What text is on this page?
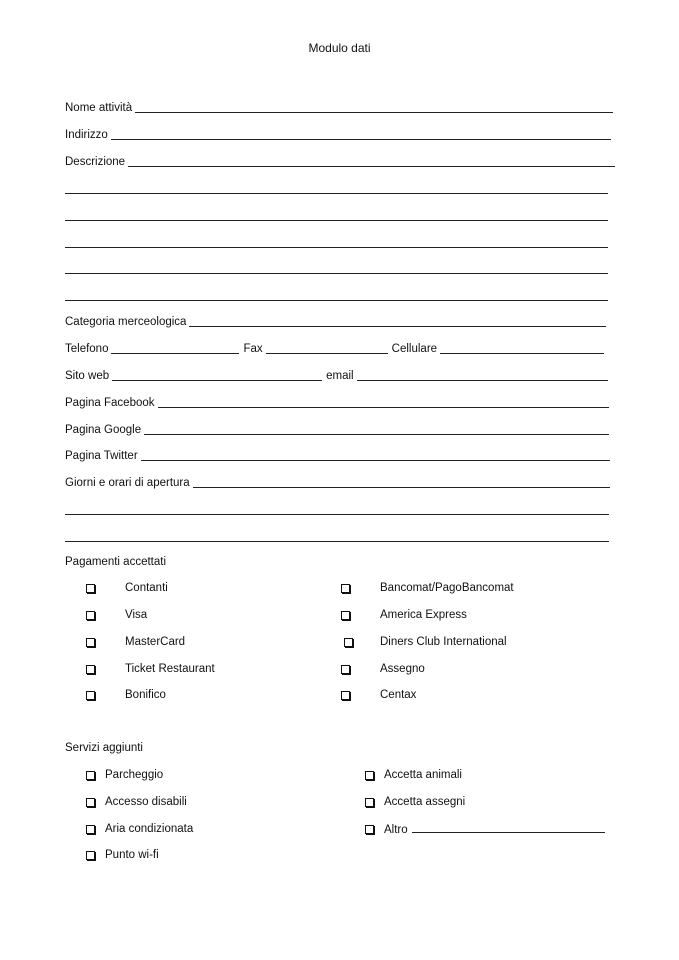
Modulo dati
Nome attività
Indirizzo
Descrizione
Categoria merceologica
Telefono	Fax	Cellulare
Sito web	email
Pagina Facebook
Pagina Google
Pagina Twitter
Giorni e orari di apertura
Pagamenti accettati
Contanti
Visa
MasterCard
Ticket Restaurant
Bonifico
Bancomat/PagoBancomat
America Express
Diners Club International
Assegno
Centax
Servizi aggiunti
Parcheggio
Accesso disabili
Aria condizionata
Punto wi-fi
Accetta animali
Accetta assegni
Altro
